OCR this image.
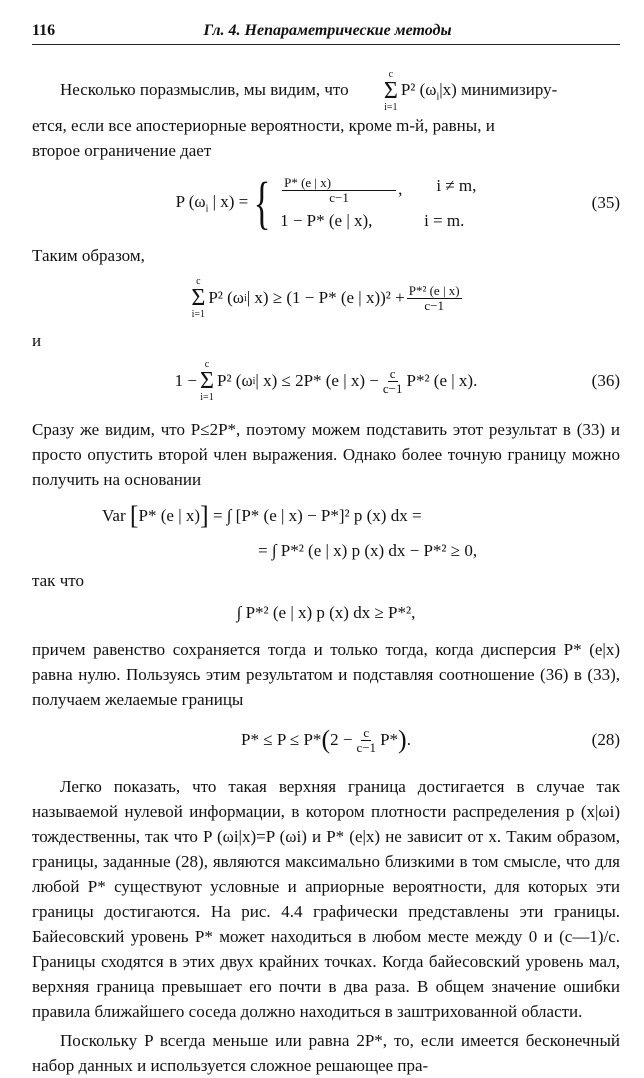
116	Гл. 4. Непараметрические методы

Несколько поразмыслив, мы видим, что
c
Σ
i=1
P² $(\omega_i|x)$ минимизиру-
ется, если все апостериорные вероятности, кроме m-й, равны, и
второе ограничение дает

P ($\omega_i$ | x) = { $\frac{P* (e | x)}{c-1}$ , i ≠ m,
1 − P* (e | x),	i = m.
(35)

Таким образом,

c
Σ
i=1
P² (ω i | x) ≥ (1 − P* (e | $x))^2 + \frac{\text{P*² (e | x)}}{c-1}$

и

1 −
c
Σ
i=1
P² (ω i | x) ≤ 2P* (e | $x) - \frac{c}{c-1} P*^2$ (e | x).	(36)

Сразу же видим, что P≤2P*, поэтому можем подставить этот результат в (33) и просто опустить второй член выражения. Однако более точную границу можно получить на основании

Var
[ P* (e | x) ]
= ∫ [P* (e | x) − P*]² p (x) dx =
= ∫ P*² (e | x) p (x) dx − P*² ≥ 0,

так что

∫ P*² (e | x) p (x) dx ≥ P*²,

причем равенство сохраняется тогда и только тогда, когда дисперсия P* (e|x) равна нулю. Пользуясь этим результатом и подставляя соотношение (36) в (33), получаем желаемые границы

P* ≤ P ≤ P* ( $2 - \frac{c}{c-1} P*$ ) .	(28)

Легко показать, что такая верхняя граница достигается в случае так называемой нулевой информации, в котором плотности распределения p (x|ωi) тождественны, так что P (ωi|x)=P (ωi) и P* (e|x) не зависит от x. Таким образом, границы, заданные (28), являются максимально близкими в том смысле, что для любой P* существуют условные и априорные вероятности, для которых эти границы достигаются. На рис. 4.4 графически представлены эти границы. Байесовский уровень P* может находиться в любом месте между 0 и (c—1)/c. Границы сходятся в этих двух крайних точках. Когда байесовский уровень мал, верхняя граница превышает его почти в два раза. В общем значение ошибки правила ближайшего соседа должно находиться в заштрихованной области.

Поскольку P всегда меньше или равна 2P*, то, если имеется бесконечный набор данных и используется сложное решающее пра-
